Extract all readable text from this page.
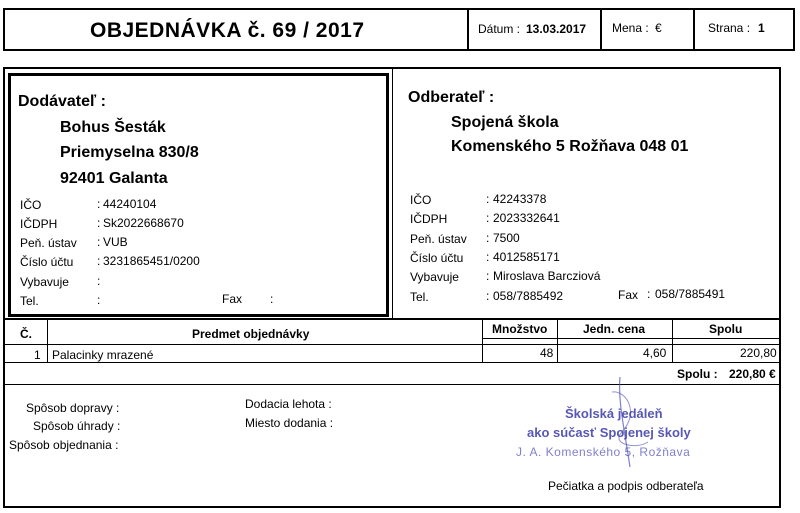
OBJEDNÁVKA č. 69 / 2017	Dátum : 13.03.2017 Mena : €	Strana : 1
Dodávateľ :
Bohus Šesták
Priemyselna 830/8
92401 Galanta
IČO	: 44240104
IČDPH	: Sk2022668670
Peň. ústav : VUB
Číslo účtu : 3231865451/0200
Vybavuje :
Tel.	:	Fax :
Odberateľ :
Spojená škola
Komenského 5 Rožňava 048 01
IČO	: 42243378
IČDPH	: 2023332641
Peň. ústav : 7500
Číslo účtu : 4012585171
Vybavuje : Miroslava Barcziová
Tel.	: 058/7885492	Fax : 058/7885491
Č.	Predmet objednávky	Množstvo	Jedn. cena	Spolu
1 Palacinky mrazené	48	4,60	220,80
Spolu : 220,80 €
Spôsob dopravy :
Spôsob úhrady :
Spôsob objednania :
Dodacia lehota :
Miesto dodania :
Školská jedáleň
ako súčasť Spojenej školy
J. A. Komenského 5, Rožňava
Pečiatka a podpis odberateľa
